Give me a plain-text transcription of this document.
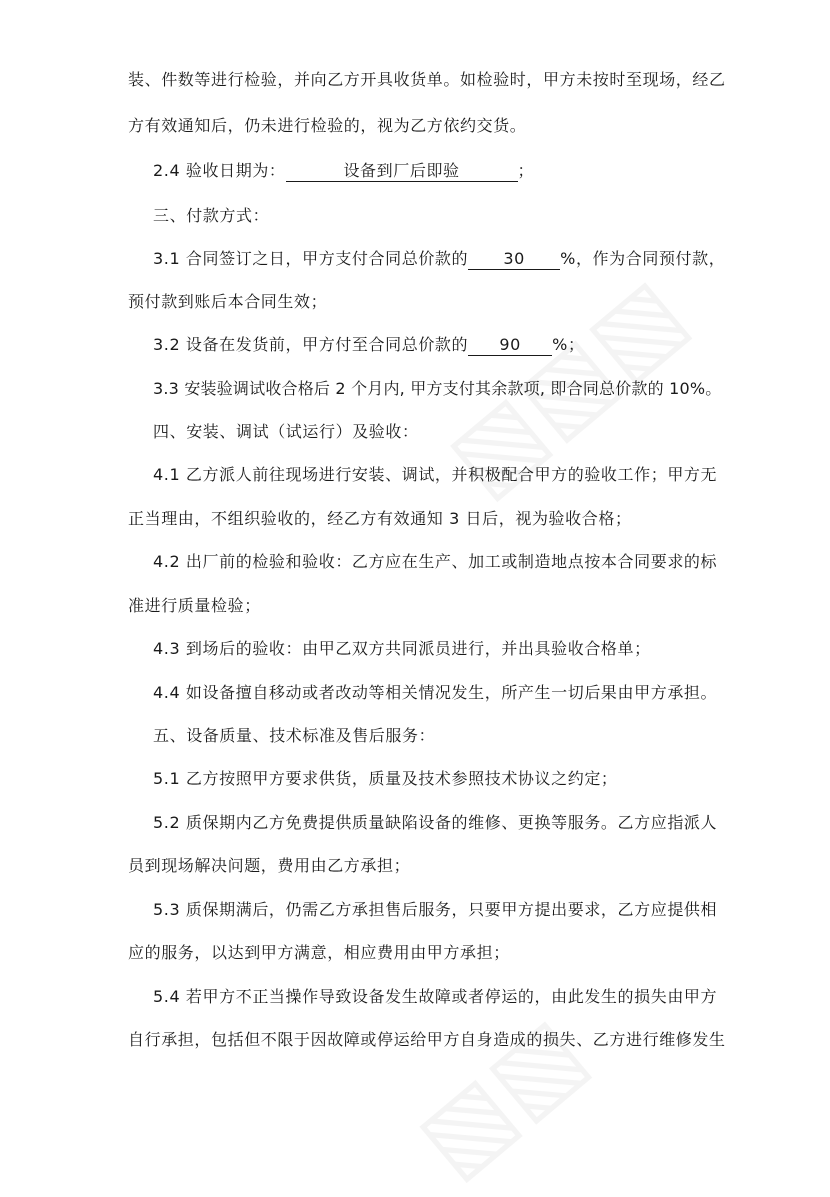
装、件数等进行检验，并向乙方开具收货单。如检验时，甲方未按时至现场，经乙
方有效通知后，仍未进行检验的，视为乙方依约交货。
2.4 验收日期为：	设备到厂后即验	；
三、付款方式：
3.1 合同签订之日，甲方支付合同总价款的 30 %，作为合同预付款，
预付款到账后本合同生效；
3.2 设备在发货前，甲方付至合同总价款的 90 %；
3.3 安装验调试收合格后 2 个月内, 甲方支付其余款项, 即合同总价款的 10%。
四、安装、调试（试运行）及验收：
4.1 乙方派人前往现场进行安装、调试，并积极配合甲方的验收工作；甲方无
正当理由，不组织验收的，经乙方有效通知 3 日后，视为验收合格；
4.2 出厂前的检验和验收：乙方应在生产、加工或制造地点按本合同要求的标
准进行质量检验；
4.3 到场后的验收：由甲乙双方共同派员进行，并出具验收合格单；
4.4 如设备擅自移动或者改动等相关情况发生，所产生一切后果由甲方承担。
五、设备质量、技术标准及售后服务：
5.1 乙方按照甲方要求供货，质量及技术参照技术协议之约定；
5.2 质保期内乙方免费提供质量缺陷设备的维修、更换等服务。乙方应指派人
员到现场解决问题，费用由乙方承担；
5.3 质保期满后，仍需乙方承担售后服务，只要甲方提出要求，乙方应提供相
应的服务，以达到甲方满意，相应费用由甲方承担；
5.4 若甲方不正当操作导致设备发生故障或者停运的，由此发生的损失由甲方
自行承担，包括但不限于因故障或停运给甲方自身造成的损失、乙方进行维修发生
